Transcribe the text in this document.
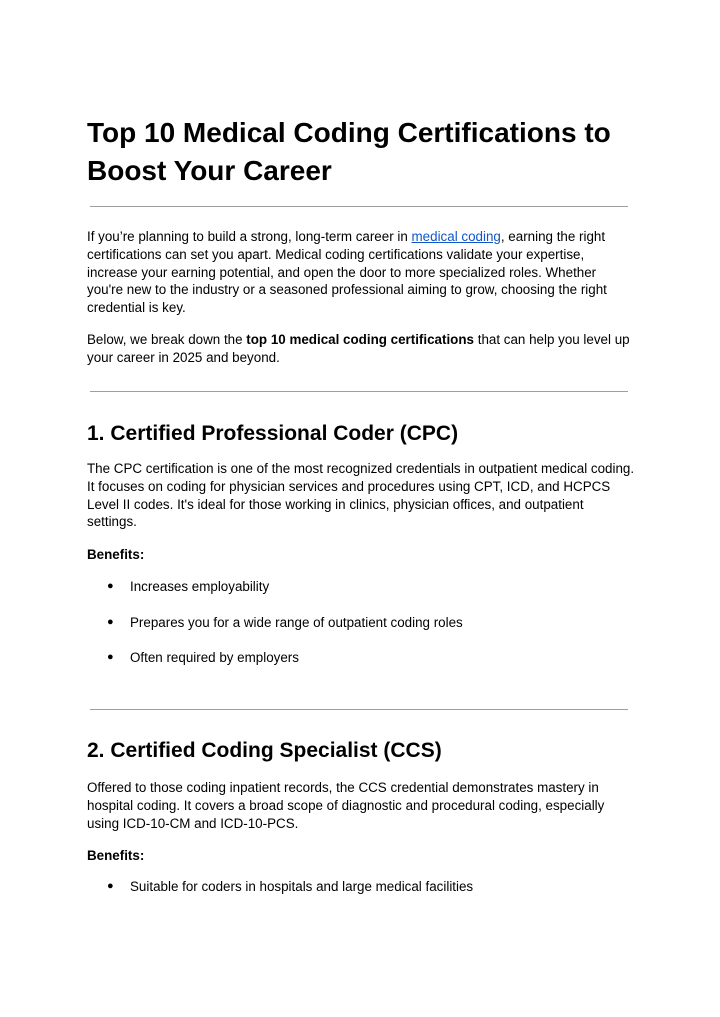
Top 10 Medical Coding Certifications to Boost Your Career

If you’re planning to build a strong, long-term career in medical coding, earning the right certifications can set you apart. Medical coding certifications validate your expertise, increase your earning potential, and open the door to more specialized roles. Whether you're new to the industry or a seasoned professional aiming to grow, choosing the right credential is key.

Below, we break down the top 10 medical coding certifications that can help you level up your career in 2025 and beyond.

1. Certified Professional Coder (CPC)

The CPC certification is one of the most recognized credentials in outpatient medical coding. It focuses on coding for physician services and procedures using CPT, ICD, and HCPCS Level II codes. It's ideal for those working in clinics, physician offices, and outpatient settings.

Benefits:

● Increases employability
● Prepares you for a wide range of outpatient coding roles
● Often required by employers
2. Certified Coding Specialist (CCS)

Offered to those coding inpatient records, the CCS credential demonstrates mastery in hospital coding. It covers a broad scope of diagnostic and procedural coding, especially using ICD-10-CM and ICD-10-PCS.

Benefits:

● Suitable for coders in hospitals and large medical facilities
